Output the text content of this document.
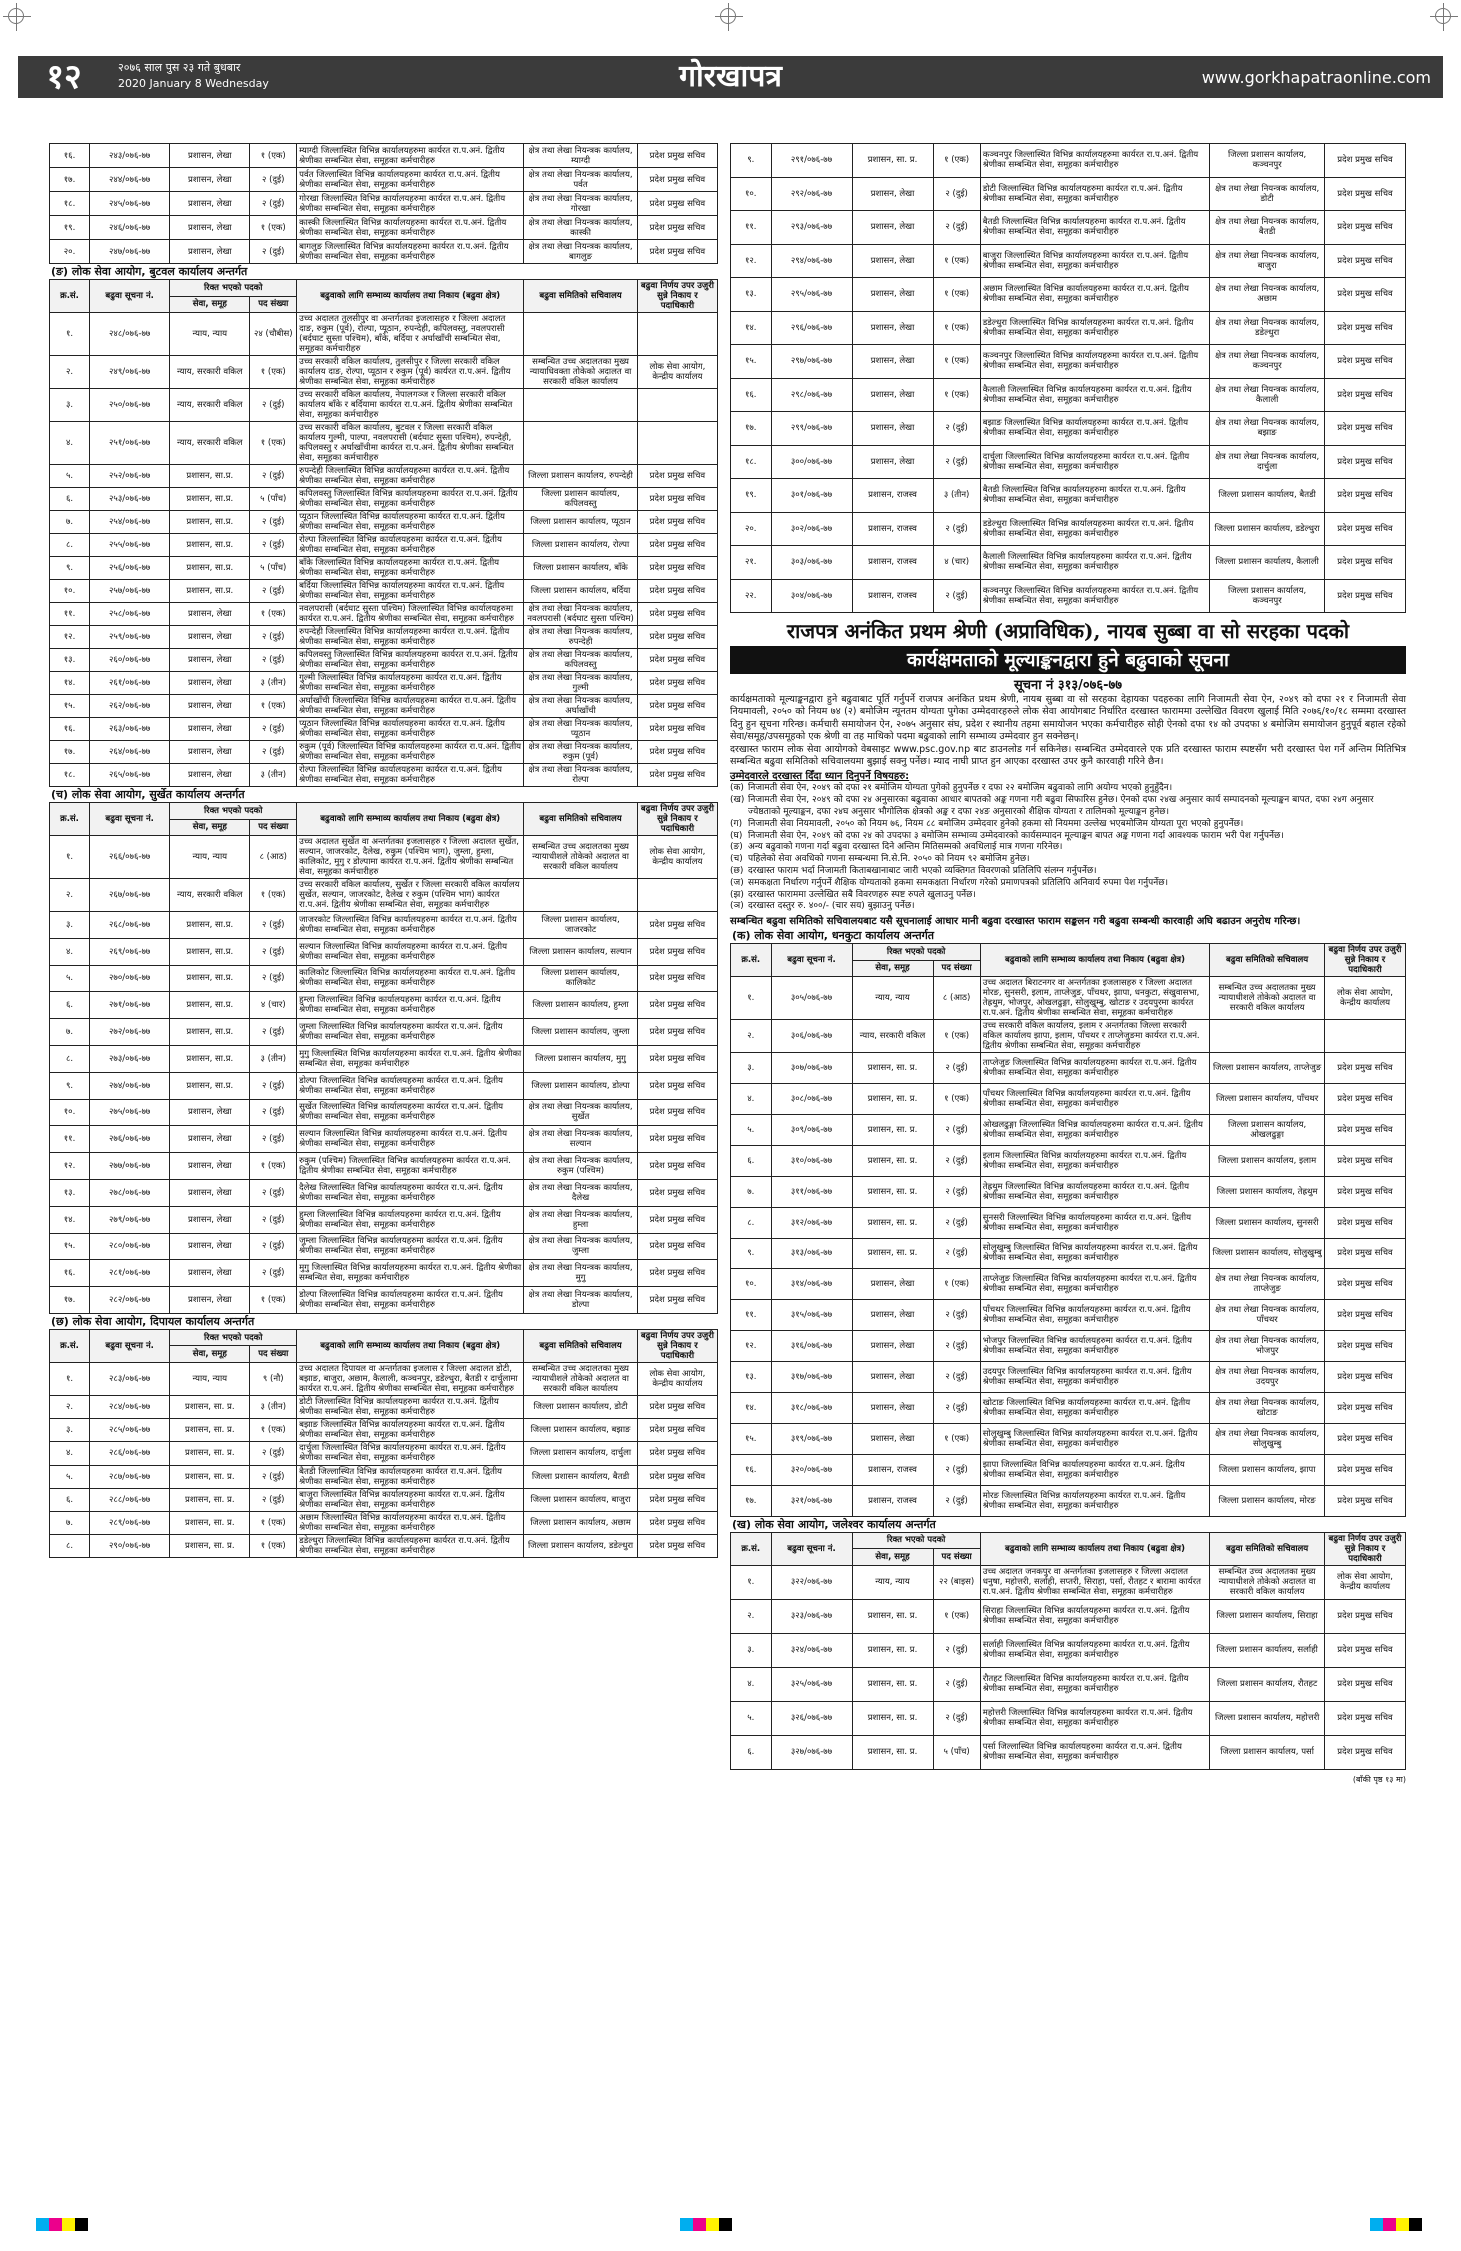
गोरखापत्र
१२	२०७६ साल पुस २३ गते बुधबार
2020 January 8 Wednesday	www.gorkhapatraonline.com
१६.	२४३/०७६-७७	प्रशासन, लेखा	१ (एक)	म्याग्दी जिल्लास्थित विभिन्न कार्यालयहरुमा कार्यरत रा.प.अनं. द्वितीय श्रेणीका सम्बन्धित सेवा, समूहका कर्मचारीहरु	क्षेत्र तथा लेखा नियन्त्रक कार्यालय, म्याग्दी	प्रदेश प्रमुख सचिव
१७.	२४४/०७६-७७	प्रशासन, लेखा	२ (दुई)	पर्वत जिल्लास्थित विभिन्न कार्यालयहरुमा कार्यरत रा.प.अनं. द्वितीय श्रेणीका सम्बन्धित सेवा, समूहका कर्मचारीहरु	क्षेत्र तथा लेखा नियन्त्रक कार्यालय, पर्वत	प्रदेश प्रमुख सचिव
१८.	२४५/०७६-७७	प्रशासन, लेखा	२ (दुई)	गोरखा जिल्लास्थित विभिन्न कार्यालयहरुमा कार्यरत रा.प.अनं. द्वितीय श्रेणीका सम्बन्धित सेवा, समूहका कर्मचारीहरु	क्षेत्र तथा लेखा नियन्त्रक कार्यालय, गोरखा	प्रदेश प्रमुख सचिव
१९.	२४६/०७६-७७	प्रशासन, लेखा	१ (एक)	कास्की जिल्लास्थित विभिन्न कार्यालयहरुमा कार्यरत रा.प.अनं. द्वितीय श्रेणीका सम्बन्धित सेवा, समूहका कर्मचारीहरु	क्षेत्र तथा लेखा नियन्त्रक कार्यालय, कास्की	प्रदेश प्रमुख सचिव
२०.	२४७/०७६-७७	प्रशासन, लेखा	२ (दुई)	बागलुङ जिल्लास्थित विभिन्न कार्यालयहरुमा कार्यरत रा.प.अनं. द्वितीय श्रेणीका सम्बन्धित सेवा, समूहका कर्मचारीहरु	क्षेत्र तथा लेखा नियन्त्रक कार्यालय, बागलुङ	प्रदेश प्रमुख सचिव
(ङ) लोक सेवा आयोग, बुटवल कार्यालय अन्तर्गत
क्र.सं.	बढुवा सूचना नं.	रिक्त भएको पदको		बढुवाको लागि सम्भाव्य कार्यालय तथा निकाय (बढुवा क्षेत्र)	बढुवा समितिको सचिवालय	बढुवा निर्णय उपर उजुरी सुन्ने निकाय र पदाधिकारी
		सेवा, समूह	पद संख्या			
१.	२४८/०७६-७७	न्याय, न्याय	२४ (चौबीस)	उच्च अदालत तुलसीपुर वा अन्तर्गतका इजलासहरु र जिल्ला अदालत दाङ, रुकुम (पूर्व), रोल्पा, प्यूठान, रुपन्देही, कपिलवस्तु, नवलपरासी (बर्दघाट सुस्ता पश्चिम), बाँके, बर्दिया र अर्घाखाँची सम्बन्धित सेवा, समूहका कर्मचारीहरु		
२.	२४९/०७६-७७	न्याय, सरकारी वकिल	१ (एक)	उच्च सरकारी वकिल कार्यालय, तुलसीपुर र जिल्ला सरकारी वकिल कार्यालय दाङ, रोल्पा, प्यूठान र रुकुम (पूर्व) कार्यरत रा.प.अनं. द्वितीय श्रेणीका सम्बन्धित सेवा, समूहका कर्मचारीहरु	सम्बन्धित उच्च अदालतका मुख्य न्यायाधिवक्ता तोकेको अदालत वा सरकारी वकिल कार्यालय	लोक सेवा आयोग, केन्द्रीय कार्यालय
३.	२५०/०७६-७७	न्याय, सरकारी वकिल	२ (दुई)	उच्च सरकारी वकिल कार्यालय, नेपालगञ्ज र जिल्ला सरकारी वकिल कार्यालय बाँके र बर्दियामा कार्यरत रा.प.अनं. द्वितीय श्रेणीका सम्बन्धित सेवा, समूहका कर्मचारीहरु		
४.	२५१/०७६-७७	न्याय, सरकारी वकिल	१ (एक)	उच्च सरकारी वकिल कार्यालय, बुटवल र जिल्ला सरकारी वकिल कार्यालय गुल्मी, पाल्पा, नवलपरासी (बर्दघाट सुस्ता पश्चिम), रुपन्देही, कपिलवस्तु र अर्घाखाँचीमा कार्यरत रा.प.अनं. द्वितीय श्रेणीका सम्बन्धित सेवा, समूहका कर्मचारीहरु		
५.	२५२/०७६-७७	प्रशासन, सा.प्र.	२ (दुई)	रुपन्देही जिल्लास्थित विभिन्न कार्यालयहरुमा कार्यरत रा.प.अनं. द्वितीय श्रेणीका सम्बन्धित सेवा, समूहका कर्मचारीहरु	जिल्ला प्रशासन कार्यालय, रुपन्देही	प्रदेश प्रमुख सचिव
६.	२५३/०७६-७७	प्रशासन, सा.प्र.	५ (पाँच)	कपिलवस्तु जिल्लास्थित विभिन्न कार्यालयहरुमा कार्यरत रा.प.अनं. द्वितीय श्रेणीका सम्बन्धित सेवा, समूहका कर्मचारीहरु	जिल्ला प्रशासन कार्यालय, कपिलवस्तु	प्रदेश प्रमुख सचिव
७.	२५४/०७६-७७	प्रशासन, सा.प्र.	२ (दुई)	प्यूठान जिल्लास्थित विभिन्न कार्यालयहरुमा कार्यरत रा.प.अनं. द्वितीय श्रेणीका सम्बन्धित सेवा, समूहका कर्मचारीहरु	जिल्ला प्रशासन कार्यालय, प्यूठान	प्रदेश प्रमुख सचिव
८.	२५५/०७६-७७	प्रशासन, सा.प्र.	२ (दुई)	रोल्पा जिल्लास्थित विभिन्न कार्यालयहरुमा कार्यरत रा.प.अनं. द्वितीय श्रेणीका सम्बन्धित सेवा, समूहका कर्मचारीहरु	जिल्ला प्रशासन कार्यालय, रोल्पा	प्रदेश प्रमुख सचिव
९.	२५६/०७६-७७	प्रशासन, सा.प्र.	५ (पाँच)	बाँके जिल्लास्थित विभिन्न कार्यालयहरुमा कार्यरत रा.प.अनं. द्वितीय श्रेणीका सम्बन्धित सेवा, समूहका कर्मचारीहरु	जिल्ला प्रशासन कार्यालय, बाँके	प्रदेश प्रमुख सचिव
१०.	२५७/०७६-७७	प्रशासन, सा.प्र.	२ (दुई)	बर्दिया जिल्लास्थित विभिन्न कार्यालयहरुमा कार्यरत रा.प.अनं. द्वितीय श्रेणीका सम्बन्धित सेवा, समूहका कर्मचारीहरु	जिल्ला प्रशासन कार्यालय, बर्दिया	प्रदेश प्रमुख सचिव
११.	२५८/०७६-७७	प्रशासन, लेखा	१ (एक)	नवलपरासी (बर्दघाट सुस्ता पश्चिम) जिल्लास्थित विभिन्न कार्यालयहरुमा कार्यरत रा.प.अनं. द्वितीय श्रेणीका सम्बन्धित सेवा, समूहका कर्मचारीहरु	क्षेत्र तथा लेखा नियन्त्रक कार्यालय, नवलपरासी (बर्दघाट सुस्ता पश्चिम)	प्रदेश प्रमुख सचिव
१२.	२५९/०७६-७७	प्रशासन, लेखा	२ (दुई)	रुपन्देही जिल्लास्थित विभिन्न कार्यालयहरुमा कार्यरत रा.प.अनं. द्वितीय श्रेणीका सम्बन्धित सेवा, समूहका कर्मचारीहरु	क्षेत्र तथा लेखा नियन्त्रक कार्यालय, रुपन्देही	प्रदेश प्रमुख सचिव
१३.	२६०/०७६-७७	प्रशासन, लेखा	२ (दुई)	कपिलवस्तु जिल्लास्थित विभिन्न कार्यालयहरुमा कार्यरत रा.प.अनं. द्वितीय श्रेणीका सम्बन्धित सेवा, समूहका कर्मचारीहरु	क्षेत्र तथा लेखा नियन्त्रक कार्यालय, कपिलवस्तु	प्रदेश प्रमुख सचिव
१४.	२६१/०७६-७७	प्रशासन, लेखा	३ (तीन)	गुल्मी जिल्लास्थित विभिन्न कार्यालयहरुमा कार्यरत रा.प.अनं. द्वितीय श्रेणीका सम्बन्धित सेवा, समूहका कर्मचारीहरु	क्षेत्र तथा लेखा नियन्त्रक कार्यालय, गुल्मी	प्रदेश प्रमुख सचिव
१५.	२६२/०७६-७७	प्रशासन, लेखा	१ (एक)	अर्घाखाँची जिल्लास्थित विभिन्न कार्यालयहरुमा कार्यरत रा.प.अनं. द्वितीय श्रेणीका सम्बन्धित सेवा, समूहका कर्मचारीहरु	क्षेत्र तथा लेखा नियन्त्रक कार्यालय, अर्घाखाँची	प्रदेश प्रमुख सचिव
१६.	२६३/०७६-७७	प्रशासन, लेखा	२ (दुई)	प्यूठान जिल्लास्थित विभिन्न कार्यालयहरुमा कार्यरत रा.प.अनं. द्वितीय श्रेणीका सम्बन्धित सेवा, समूहका कर्मचारीहरु	क्षेत्र तथा लेखा नियन्त्रक कार्यालय, प्यूठान	प्रदेश प्रमुख सचिव
१७.	२६४/०७६-७७	प्रशासन, लेखा	२ (दुई)	रुकुम (पूर्व) जिल्लास्थित विभिन्न कार्यालयहरुमा कार्यरत रा.प.अनं. द्वितीय श्रेणीका सम्बन्धित सेवा, समूहका कर्मचारीहरु	क्षेत्र तथा लेखा नियन्त्रक कार्यालय, रुकुम (पूर्व)	प्रदेश प्रमुख सचिव
१८.	२६५/०७६-७७	प्रशासन, लेखा	३ (तीन)	रोल्पा जिल्लास्थित विभिन्न कार्यालयहरुमा कार्यरत रा.प.अनं. द्वितीय श्रेणीका सम्बन्धित सेवा, समूहका कर्मचारीहरु	क्षेत्र तथा लेखा नियन्त्रक कार्यालय, रोल्पा	प्रदेश प्रमुख सचिव
(च) लोक सेवा आयोग, सुर्खेत कार्यालय अन्तर्गत
क्र.सं.	बढुवा सूचना नं.	रिक्त भएको पदको		बढुवाको लागि सम्भाव्य कार्यालय तथा निकाय (बढुवा क्षेत्र)	बढुवा समितिको सचिवालय	बढुवा निर्णय उपर उजुरी सुन्ने निकाय र पदाधिकारी
		सेवा, समूह	पद संख्या			
१.	२६६/०७६-७७	न्याय, न्याय	८ (आठ)	उच्च अदालत सुर्खेत वा अन्तर्गतका इजलासहरु र जिल्ला अदालत सुर्खेत, सल्यान, जाजरकोट, दैलेख, रुकुम (पश्चिम भाग), जुम्ला, हुम्ला, कालिकोट, मुगु र डोल्पामा कार्यरत रा.प.अनं. द्वितीय श्रेणीका सम्बन्धित सेवा, समूहका कर्मचारीहरु	सम्बन्धित उच्च अदालतका मुख्य न्यायाधीशले तोकेको अदालत वा सरकारी वकिल कार्यालय	लोक सेवा आयोग, केन्द्रीय कार्यालय
२.	२६७/०७६-७७	न्याय, सरकारी वकिल	१ (एक)	उच्च सरकारी वकिल कार्यालय, सुर्खेत र जिल्ला सरकारी वकिल कार्यालय सुर्खेत, सल्यान, जाजरकोट, दैलेख र रुकुम (पश्चिम भाग) कार्यरत रा.प.अनं. द्वितीय श्रेणीका सम्बन्धित सेवा, समूहका कर्मचारीहरु		
३.	२६८/०७६-७७	प्रशासन, सा.प्र.	२ (दुई)	जाजरकोट जिल्लास्थित विभिन्न कार्यालयहरुमा कार्यरत रा.प.अनं. द्वितीय श्रेणीका सम्बन्धित सेवा, समूहका कर्मचारीहरु	जिल्ला प्रशासन कार्यालय, जाजरकोट	प्रदेश प्रमुख सचिव
४.	२६९/०७६-७७	प्रशासन, सा.प्र.	२ (दुई)	सल्यान जिल्लास्थित विभिन्न कार्यालयहरुमा कार्यरत रा.प.अनं. द्वितीय श्रेणीका सम्बन्धित सेवा, समूहका कर्मचारीहरु	जिल्ला प्रशासन कार्यालय, सल्यान	प्रदेश प्रमुख सचिव
५.	२७०/०७६-७७	प्रशासन, सा.प्र.	२ (दुई)	कालिकोट जिल्लास्थित विभिन्न कार्यालयहरुमा कार्यरत रा.प.अनं. द्वितीय श्रेणीका सम्बन्धित सेवा, समूहका कर्मचारीहरु	जिल्ला प्रशासन कार्यालय, कालिकोट	प्रदेश प्रमुख सचिव
६.	२७१/०७६-७७	प्रशासन, सा.प्र.	४ (चार)	हुम्ला जिल्लास्थित विभिन्न कार्यालयहरुमा कार्यरत रा.प.अनं. द्वितीय श्रेणीका सम्बन्धित सेवा, समूहका कर्मचारीहरु	जिल्ला प्रशासन कार्यालय, हुम्ला	प्रदेश प्रमुख सचिव
७.	२७२/०७६-७७	प्रशासन, सा.प्र.	२ (दुई)	जुम्ला जिल्लास्थित विभिन्न कार्यालयहरुमा कार्यरत रा.प.अनं. द्वितीय श्रेणीका सम्बन्धित सेवा, समूहका कर्मचारीहरु	जिल्ला प्रशासन कार्यालय, जुम्ला	प्रदेश प्रमुख सचिव
८.	२७३/०७६-७७	प्रशासन, सा.प्र.	३ (तीन)	मुगु जिल्लास्थित विभिन्न कार्यालयहरुमा कार्यरत रा.प.अनं. द्वितीय श्रेणीका सम्बन्धित सेवा, समूहका कर्मचारीहरु	जिल्ला प्रशासन कार्यालय, मुगु	प्रदेश प्रमुख सचिव
९.	२७४/०७६-७७	प्रशासन, सा.प्र.	२ (दुई)	डोल्पा जिल्लास्थित विभिन्न कार्यालयहरुमा कार्यरत रा.प.अनं. द्वितीय श्रेणीका सम्बन्धित सेवा, समूहका कर्मचारीहरु	जिल्ला प्रशासन कार्यालय, डोल्पा	प्रदेश प्रमुख सचिव
१०.	२७५/०७६-७७	प्रशासन, लेखा	२ (दुई)	सुर्खेत जिल्लास्थित विभिन्न कार्यालयहरुमा कार्यरत रा.प.अनं. द्वितीय श्रेणीका सम्बन्धित सेवा, समूहका कर्मचारीहरु	क्षेत्र तथा लेखा नियन्त्रक कार्यालय, सुर्खेत	प्रदेश प्रमुख सचिव
११.	२७६/०७६-७७	प्रशासन, लेखा	२ (दुई)	सल्यान जिल्लास्थित विभिन्न कार्यालयहरुमा कार्यरत रा.प.अनं. द्वितीय श्रेणीका सम्बन्धित सेवा, समूहका कर्मचारीहरु	क्षेत्र तथा लेखा नियन्त्रक कार्यालय, सल्यान	प्रदेश प्रमुख सचिव
१२.	२७७/०७६-७७	प्रशासन, लेखा	१ (एक)	रुकुम (पश्चिम) जिल्लास्थित विभिन्न कार्यालयहरुमा कार्यरत रा.प.अनं. द्वितीय श्रेणीका सम्बन्धित सेवा, समूहका कर्मचारीहरु	क्षेत्र तथा लेखा नियन्त्रक कार्यालय, रुकुम (पश्चिम)	प्रदेश प्रमुख सचिव
१३.	२७८/०७६-७७	प्रशासन, लेखा	२ (दुई)	दैलेख जिल्लास्थित विभिन्न कार्यालयहरुमा कार्यरत रा.प.अनं. द्वितीय श्रेणीका सम्बन्धित सेवा, समूहका कर्मचारीहरु	क्षेत्र तथा लेखा नियन्त्रक कार्यालय, दैलेख	प्रदेश प्रमुख सचिव
१४.	२७९/०७६-७७	प्रशासन, लेखा	२ (दुई)	हुम्ला जिल्लास्थित विभिन्न कार्यालयहरुमा कार्यरत रा.प.अनं. द्वितीय श्रेणीका सम्बन्धित सेवा, समूहका कर्मचारीहरु	क्षेत्र तथा लेखा नियन्त्रक कार्यालय, हुम्ला	प्रदेश प्रमुख सचिव
१५.	२८०/०७६-७७	प्रशासन, लेखा	२ (दुई)	जुम्ला जिल्लास्थित विभिन्न कार्यालयहरुमा कार्यरत रा.प.अनं. द्वितीय श्रेणीका सम्बन्धित सेवा, समूहका कर्मचारीहरु	क्षेत्र तथा लेखा नियन्त्रक कार्यालय, जुम्ला	प्रदेश प्रमुख सचिव
१६.	२८१/०७६-७७	प्रशासन, लेखा	२ (दुई)	मुगु जिल्लास्थित विभिन्न कार्यालयहरुमा कार्यरत रा.प.अनं. द्वितीय श्रेणीका सम्बन्धित सेवा, समूहका कर्मचारीहरु	क्षेत्र तथा लेखा नियन्त्रक कार्यालय, मुगु	प्रदेश प्रमुख सचिव
१७.	२८२/०७६-७७	प्रशासन, लेखा	१ (एक)	डोल्पा जिल्लास्थित विभिन्न कार्यालयहरुमा कार्यरत रा.प.अनं. द्वितीय श्रेणीका सम्बन्धित सेवा, समूहका कर्मचारीहरु	क्षेत्र तथा लेखा नियन्त्रक कार्यालय, डोल्पा	प्रदेश प्रमुख सचिव
(छ) लोक सेवा आयोग, दिपायल कार्यालय अन्तर्गत
क्र.सं.	बढुवा सूचना नं.	रिक्त भएको पदको		बढुवाको लागि सम्भाव्य कार्यालय तथा निकाय (बढुवा क्षेत्र)	बढुवा समितिको सचिवालय	बढुवा निर्णय उपर उजुरी सुन्ने निकाय र पदाधिकारी
		सेवा, समूह	पद संख्या			
१.	२८३/०७६-७७	न्याय, न्याय	९ (नौ)	उच्च अदालत दिपायल वा अन्तर्गतका इजलास र जिल्ला अदालत डोटी, बझाङ, बाजुरा, अछाम, कैलाली, कञ्चनपुर, डडेल्धुरा, बैतडी र दार्चुलामा कार्यरत रा.प.अनं. द्वितीय श्रेणीका सम्बन्धित सेवा, समूहका कर्मचारीहरु	सम्बन्धित उच्च अदालतका मुख्य न्यायाधीशले तोकेको अदालत वा सरकारी वकिल कार्यालय	लोक सेवा आयोग, केन्द्रीय कार्यालय
२.	२८४/०७६-७७	प्रशासन, सा. प्र.	३ (तीन)	डोटी जिल्लास्थित विभिन्न कार्यालयहरुमा कार्यरत रा.प.अनं. द्वितीय श्रेणीका सम्बन्धित सेवा, समूहका कर्मचारीहरु	जिल्ला प्रशासन कार्यालय, डोटी	प्रदेश प्रमुख सचिव
३.	२८५/०७६-७७	प्रशासन, सा. प्र.	१ (एक)	बझाङ जिल्लास्थित विभिन्न कार्यालयहरुमा कार्यरत रा.प.अनं. द्वितीय श्रेणीका सम्बन्धित सेवा, समूहका कर्मचारीहरु	जिल्ला प्रशासन कार्यालय, बझाङ	प्रदेश प्रमुख सचिव
४.	२८६/०७६-७७	प्रशासन, सा. प्र.	२ (दुई)	दार्चुला जिल्लास्थित विभिन्न कार्यालयहरुमा कार्यरत रा.प.अनं. द्वितीय श्रेणीका सम्बन्धित सेवा, समूहका कर्मचारीहरु	जिल्ला प्रशासन कार्यालय, दार्चुला	प्रदेश प्रमुख सचिव
५.	२८७/०७६-७७	प्रशासन, सा. प्र.	२ (दुई)	बैतडी जिल्लास्थित विभिन्न कार्यालयहरुमा कार्यरत रा.प.अनं. द्वितीय श्रेणीका सम्बन्धित सेवा, समूहका कर्मचारीहरु	जिल्ला प्रशासन कार्यालय, बैतडी	प्रदेश प्रमुख सचिव
६.	२८८/०७६-७७	प्रशासन, सा. प्र.	२ (दुई)	बाजुरा जिल्लास्थित विभिन्न कार्यालयहरुमा कार्यरत रा.प.अनं. द्वितीय श्रेणीका सम्बन्धित सेवा, समूहका कर्मचारीहरु	जिल्ला प्रशासन कार्यालय, बाजुरा	प्रदेश प्रमुख सचिव
७.	२८९/०७६-७७	प्रशासन, सा. प्र.	१ (एक)	अछाम जिल्लास्थित विभिन्न कार्यालयहरुमा कार्यरत रा.प.अनं. द्वितीय श्रेणीका सम्बन्धित सेवा, समूहका कर्मचारीहरु	जिल्ला प्रशासन कार्यालय, अछाम	प्रदेश प्रमुख सचिव
८.	२९०/०७६-७७	प्रशासन, सा. प्र.	१ (एक)	डडेल्धुरा जिल्लास्थित विभिन्न कार्यालयहरुमा कार्यरत रा.प.अनं. द्वितीय श्रेणीका सम्बन्धित सेवा, समूहका कर्मचारीहरु	जिल्ला प्रशासन कार्यालय, डडेल्धुरा	प्रदेश प्रमुख सचिव
९.	२९१/०७६-७७	प्रशासन, सा. प्र.	१ (एक)	कञ्चनपुर जिल्लास्थित विभिन्न कार्यालयहरुमा कार्यरत रा.प.अनं. द्वितीय श्रेणीका सम्बन्धित सेवा, समूहका कर्मचारीहरु	जिल्ला प्रशासन कार्यालय, कञ्चनपुर	प्रदेश प्रमुख सचिव
१०.	२९२/०७६-७७	प्रशासन, लेखा	२ (दुई)	डोटी जिल्लास्थित विभिन्न कार्यालयहरुमा कार्यरत रा.प.अनं. द्वितीय श्रेणीका सम्बन्धित सेवा, समूहका कर्मचारीहरु	क्षेत्र तथा लेखा नियन्त्रक कार्यालय, डोटी	प्रदेश प्रमुख सचिव
११.	२९३/०७६-७७	प्रशासन, लेखा	२ (दुई)	बैतडी जिल्लास्थित विभिन्न कार्यालयहरुमा कार्यरत रा.प.अनं. द्वितीय श्रेणीका सम्बन्धित सेवा, समूहका कर्मचारीहरु	क्षेत्र तथा लेखा नियन्त्रक कार्यालय, बैतडी	प्रदेश प्रमुख सचिव
१२.	२९४/०७६-७७	प्रशासन, लेखा	१ (एक)	बाजुरा जिल्लास्थित विभिन्न कार्यालयहरुमा कार्यरत रा.प.अनं. द्वितीय श्रेणीका सम्बन्धित सेवा, समूहका कर्मचारीहरु	क्षेत्र तथा लेखा नियन्त्रक कार्यालय, बाजुरा	प्रदेश प्रमुख सचिव
१३.	२९५/०७६-७७	प्रशासन, लेखा	१ (एक)	अछाम जिल्लास्थित विभिन्न कार्यालयहरुमा कार्यरत रा.प.अनं. द्वितीय श्रेणीका सम्बन्धित सेवा, समूहका कर्मचारीहरु	क्षेत्र तथा लेखा नियन्त्रक कार्यालय, अछाम	प्रदेश प्रमुख सचिव
१४.	२९६/०७६-७७	प्रशासन, लेखा	१ (एक)	डडेल्धुरा जिल्लास्थित विभिन्न कार्यालयहरुमा कार्यरत रा.प.अनं. द्वितीय श्रेणीका सम्बन्धित सेवा, समूहका कर्मचारीहरु	क्षेत्र तथा लेखा नियन्त्रक कार्यालय, डडेल्धुरा	प्रदेश प्रमुख सचिव
१५.	२९७/०७६-७७	प्रशासन, लेखा	१ (एक)	कञ्चनपुर जिल्लास्थित विभिन्न कार्यालयहरुमा कार्यरत रा.प.अनं. द्वितीय श्रेणीका सम्बन्धित सेवा, समूहका कर्मचारीहरु	क्षेत्र तथा लेखा नियन्त्रक कार्यालय, कञ्चनपुर	प्रदेश प्रमुख सचिव
१६.	२९८/०७६-७७	प्रशासन, लेखा	१ (एक)	कैलाली जिल्लास्थित विभिन्न कार्यालयहरुमा कार्यरत रा.प.अनं. द्वितीय श्रेणीका सम्बन्धित सेवा, समूहका कर्मचारीहरु	क्षेत्र तथा लेखा नियन्त्रक कार्यालय, कैलाली	प्रदेश प्रमुख सचिव
१७.	२९९/०७६-७७	प्रशासन, लेखा	२ (दुई)	बझाङ जिल्लास्थित विभिन्न कार्यालयहरुमा कार्यरत रा.प.अनं. द्वितीय श्रेणीका सम्बन्धित सेवा, समूहका कर्मचारीहरु	क्षेत्र तथा लेखा नियन्त्रक कार्यालय, बझाङ	प्रदेश प्रमुख सचिव
१८.	३००/०७६-७७	प्रशासन, लेखा	२ (दुई)	दार्चुला जिल्लास्थित विभिन्न कार्यालयहरुमा कार्यरत रा.प.अनं. द्वितीय श्रेणीका सम्बन्धित सेवा, समूहका कर्मचारीहरु	क्षेत्र तथा लेखा नियन्त्रक कार्यालय, दार्चुला	प्रदेश प्रमुख सचिव
१९.	३०१/०७६-७७	प्रशासन, राजस्व	३ (तीन)	बैतडी जिल्लास्थित विभिन्न कार्यालयहरुमा कार्यरत रा.प.अनं. द्वितीय श्रेणीका सम्बन्धित सेवा, समूहका कर्मचारीहरु	जिल्ला प्रशासन कार्यालय, बैतडी	प्रदेश प्रमुख सचिव
२०.	३०२/०७६-७७	प्रशासन, राजस्व	२ (दुई)	डडेल्धुरा जिल्लास्थित विभिन्न कार्यालयहरुमा कार्यरत रा.प.अनं. द्वितीय श्रेणीका सम्बन्धित सेवा, समूहका कर्मचारीहरु	जिल्ला प्रशासन कार्यालय, डडेल्धुरा	प्रदेश प्रमुख सचिव
२१.	३०३/०७६-७७	प्रशासन, राजस्व	४ (चार)	कैलाली जिल्लास्थित विभिन्न कार्यालयहरुमा कार्यरत रा.प.अनं. द्वितीय श्रेणीका सम्बन्धित सेवा, समूहका कर्मचारीहरु	जिल्ला प्रशासन कार्यालय, कैलाली	प्रदेश प्रमुख सचिव
२२.	३०४/०७६-७७	प्रशासन, राजस्व	२ (दुई)	कञ्चनपुर जिल्लास्थित विभिन्न कार्यालयहरुमा कार्यरत रा.प.अनं. द्वितीय श्रेणीका सम्बन्धित सेवा, समूहका कर्मचारीहरु	जिल्ला प्रशासन कार्यालय, कञ्चनपुर	प्रदेश प्रमुख सचिव
राजपत्र अनंकित प्रथम श्रेणी (अप्राविधिक), नायब सुब्बा वा सो सरहका पदको
कार्यक्षमताको मूल्याङ्कनद्वारा हुने बढुवाको सूचना
सूचना नं ३१३/०७६-७७

कार्यक्षमताको मूल्याङ्कनद्वारा हुने बढुवाबाट पूर्ति गर्नुपर्ने राजपत्र अनंकित प्रथम श्रेणी, नायब सुब्बा वा सो सरहका देहायका पदहरुका लागि निजामती सेवा ऐन, २०४९ को दफा २१ र निजामती सेवा नियमावली, २०५० को नियम ७४ (२) बमोजिम न्यूनतम योग्यता पुगेका उम्मेदवारहरुले लोक सेवा आयोगबाट निर्धारित दरखास्त फाराममा उल्लेखित विवरण खुलाई मिति २०७६/१०/१८ सम्ममा दरखास्त दिनु हुन सूचना गरिन्छ। कर्मचारी समायोजन ऐन, २०७५ अनुसार संघ, प्रदेश र स्थानीय तहमा समायोजन भएका कर्मचारीहरु सोही ऐनको दफा १४ को उपदफा ४ बमोजिम समायोजन हुनुपूर्व बहाल रहेको सेवा/समूह/उपसमूहको एक श्रेणी वा तह माथिको पदमा बढुवाको लागि सम्भाव्य उम्मेदवार हुन सक्नेछन्।

दरखास्त फाराम लोक सेवा आयोगको वेबसाइट www.psc.gov.np बाट डाउनलोड गर्न सकिनेछ। सम्बन्धित उम्मेदवारले एक प्रति दरखास्त फाराम स्पष्टसँग भरी दरखास्त पेश गर्ने अन्तिम मितिभित्र सम्बन्धित बढुवा समितिको सचिवालयमा बुझाई सक्नु पर्नेछ। म्याद नाघी प्राप्त हुन आएका दरखास्त उपर कुनै कारवाही गरिने छैन।

उम्मेदवारले दरखास्त दिँदा ध्यान दिनुपर्ने विषयहरु:
(क) निजामती सेवा ऐन, २०४९ को दफा २१ बमोजिम योग्यता पुगेको हुनुपर्नेछ र दफा २२ बमोजिम बढुवाको लागि अयोग्य भएको हुनुहुँदैन।
(ख) निजामती सेवा ऐन, २०४९ को दफा २४ अनुसारका बढुवाका आधार बापतको अङ्क गणना गरी बढुवा सिफारिस हुनेछ। ऐनको दफा २४ख अनुसार कार्य सम्पादनको मूल्याङ्कन बापत, दफा २४ग अनुसार ज्येष्ठताको मूल्याङ्कन, दफा २४घ अनुसार भौगोलिक क्षेत्रको अङ्क र दफा २४ङ अनुसारको शैक्षिक योग्यता र तालिमको मूल्याङ्कन हुनेछ।
(ग) निजामती सेवा नियमावली, २०५० को नियम ७६, नियम ८८ बमोजिम उम्मेदवार हुनेको हकमा सो नियममा उल्लेख भएबमोजिम योग्यता पूरा भएको हुनुपर्नेछ।
(घ) निजामती सेवा ऐन, २०४९ को दफा २४ को उपदफा ३ बमोजिम सम्भाव्य उम्मेदवारको कार्यसम्पादन मूल्याङ्कन बापत अङ्क गणना गर्दा आवश्यक फाराम भरी पेश गर्नुपर्नेछ।
(ङ) अन्य बढुवाको गणना गर्दा बढुवा दरखास्त दिने अन्तिम मितिसम्मको अवधिलाई मात्र गणना गरिनेछ।
(च) पहिलेको सेवा अवधिको गणना सम्बन्धमा नि.से.नि. २०५० को नियम ९२ बमोजिम हुनेछ।
(छ) दरखास्त फाराम भर्दा निजामती किताबखानाबाट जारी भएको व्यक्तिगत विवरणको प्रतिलिपि संलग्न गर्नुपर्नेछ।
(ज) समकक्षता निर्धारण गर्नुपर्ने शैक्षिक योग्यताको हकमा समकक्षता निर्धारण गरेको प्रमाणपत्रको प्रतिलिपि अनिवार्य रुपमा पेश गर्नुपर्नेछ।
(झ) दरखास्त फाराममा उल्लेखित सबै विवरणहरु स्पष्ट रुपले खुलाउनु पर्नेछ।
(ञ) दरखास्त दस्तुर रु. ४००/- (चार सय) बुझाउनु पर्नेछ।
सम्बन्धित बढुवा समितिको सचिवालयबाट यसै सूचनालाई आधार मानी बढुवा दरखास्त फाराम सङ्कलन गरी बढुवा सम्बन्धी कारवाही अघि बढाउन अनुरोध गरिन्छ।
(क) लोक सेवा आयोग, धनकुटा कार्यालय अन्तर्गत
क्र.सं.	बढुवा सूचना नं.	रिक्त भएको पदको		बढुवाको लागि सम्भाव्य कार्यालय तथा निकाय (बढुवा क्षेत्र)	बढुवा समितिको सचिवालय	बढुवा निर्णय उपर उजुरी सुन्ने निकाय र पदाधिकारी
		सेवा, समूह	पद संख्या			
१.	३०५/०७६-७७	न्याय, न्याय	८ (आठ)	उच्च अदालत बिराटनगर वा अन्तर्गतका इजलासहरु र जिल्ला अदालत मोरङ, सुनसरी, इलाम, ताप्लेजुङ, पाँचथर, झापा, धनकुटा, संखुवासभा, तेह्रथुम, भोजपुर, ओखलढुङ्गा, सोलुखुम्बु, खोटाङ र उदयपुरमा कार्यरत रा.प.अनं. द्वितीय श्रेणीका सम्बन्धित सेवा, समूहका कर्मचारीहरु	सम्बन्धित उच्च अदालतका मुख्य न्यायाधीशले तोकेको अदालत वा सरकारी वकिल कार्यालय	लोक सेवा आयोग, केन्द्रीय कार्यालय
२.	३०६/०७६-७७	न्याय, सरकारी वकिल	१ (एक)	उच्च सरकारी वकिल कार्यालय, इलाम र अन्तर्गतका जिल्ला सरकारी वकिल कार्यालय झापा, इलाम, पाँचथर र ताप्लेजुङमा कार्यरत रा.प.अनं. द्वितीय श्रेणीका सम्बन्धित सेवा, समूहका कर्मचारीहरु		
३.	३०७/०७६-७७	प्रशासन, सा. प्र.	२ (दुई)	ताप्लेजुङ जिल्लास्थित विभिन्न कार्यालयहरुमा कार्यरत रा.प.अनं. द्वितीय श्रेणीका सम्बन्धित सेवा, समूहका कर्मचारीहरु	जिल्ला प्रशासन कार्यालय, ताप्लेजुङ	प्रदेश प्रमुख सचिव
४.	३०८/०७६-७७	प्रशासन, सा. प्र.	१ (एक)	पाँचथर जिल्लास्थित विभिन्न कार्यालयहरुमा कार्यरत रा.प.अनं. द्वितीय श्रेणीका सम्बन्धित सेवा, समूहका कर्मचारीहरु	जिल्ला प्रशासन कार्यालय, पाँचथर	प्रदेश प्रमुख सचिव
५.	३०९/०७६-७७	प्रशासन, सा. प्र.	२ (दुई)	ओखलढुङ्गा जिल्लास्थित विभिन्न कार्यालयहरुमा कार्यरत रा.प.अनं. द्वितीय श्रेणीका सम्बन्धित सेवा, समूहका कर्मचारीहरु	जिल्ला प्रशासन कार्यालय, ओखलढुङ्गा	प्रदेश प्रमुख सचिव
६.	३१०/०७६-७७	प्रशासन, सा. प्र.	२ (दुई)	इलाम जिल्लास्थित विभिन्न कार्यालयहरुमा कार्यरत रा.प.अनं. द्वितीय श्रेणीका सम्बन्धित सेवा, समूहका कर्मचारीहरु	जिल्ला प्रशासन कार्यालय, इलाम	प्रदेश प्रमुख सचिव
७.	३११/०७६-७७	प्रशासन, सा. प्र.	२ (दुई)	तेह्रथुम जिल्लास्थित विभिन्न कार्यालयहरुमा कार्यरत रा.प.अनं. द्वितीय श्रेणीका सम्बन्धित सेवा, समूहका कर्मचारीहरु	जिल्ला प्रशासन कार्यालय, तेह्रथुम	प्रदेश प्रमुख सचिव
८.	३१२/०७६-७७	प्रशासन, सा. प्र.	२ (दुई)	सुनसरी जिल्लास्थित विभिन्न कार्यालयहरुमा कार्यरत रा.प.अनं. द्वितीय श्रेणीका सम्बन्धित सेवा, समूहका कर्मचारीहरु	जिल्ला प्रशासन कार्यालय, सुनसरी	प्रदेश प्रमुख सचिव
९.	३१३/०७६-७७	प्रशासन, सा. प्र.	२ (दुई)	सोलुखुम्बु जिल्लास्थित विभिन्न कार्यालयहरुमा कार्यरत रा.प.अनं. द्वितीय श्रेणीका सम्बन्धित सेवा, समूहका कर्मचारीहरु	जिल्ला प्रशासन कार्यालय, सोलुखुम्बु	प्रदेश प्रमुख सचिव
१०.	३१४/०७६-७७	प्रशासन, लेखा	१ (एक)	ताप्लेजुङ जिल्लास्थित विभिन्न कार्यालयहरुमा कार्यरत रा.प.अनं. द्वितीय श्रेणीका सम्बन्धित सेवा, समूहका कर्मचारीहरु	क्षेत्र तथा लेखा नियन्त्रक कार्यालय, ताप्लेजुङ	प्रदेश प्रमुख सचिव
११.	३१५/०७६-७७	प्रशासन, लेखा	२ (दुई)	पाँचथर जिल्लास्थित विभिन्न कार्यालयहरुमा कार्यरत रा.प.अनं. द्वितीय श्रेणीका सम्बन्धित सेवा, समूहका कर्मचारीहरु	क्षेत्र तथा लेखा नियन्त्रक कार्यालय, पाँचथर	प्रदेश प्रमुख सचिव
१२.	३१६/०७६-७७	प्रशासन, लेखा	२ (दुई)	भोजपुर जिल्लास्थित विभिन्न कार्यालयहरुमा कार्यरत रा.प.अनं. द्वितीय श्रेणीका सम्बन्धित सेवा, समूहका कर्मचारीहरु	क्षेत्र तथा लेखा नियन्त्रक कार्यालय, भोजपुर	प्रदेश प्रमुख सचिव
१३.	३१७/०७६-७७	प्रशासन, लेखा	२ (दुई)	उदयपुर जिल्लास्थित विभिन्न कार्यालयहरुमा कार्यरत रा.प.अनं. द्वितीय श्रेणीका सम्बन्धित सेवा, समूहका कर्मचारीहरु	क्षेत्र तथा लेखा नियन्त्रक कार्यालय, उदयपुर	प्रदेश प्रमुख सचिव
१४.	३१८/०७६-७७	प्रशासन, लेखा	२ (दुई)	खोटाङ जिल्लास्थित विभिन्न कार्यालयहरुमा कार्यरत रा.प.अनं. द्वितीय श्रेणीका सम्बन्धित सेवा, समूहका कर्मचारीहरु	क्षेत्र तथा लेखा नियन्त्रक कार्यालय, खोटाङ	प्रदेश प्रमुख सचिव
१५.	३१९/०७६-७७	प्रशासन, लेखा	१ (एक)	सोलुखुम्बु जिल्लास्थित विभिन्न कार्यालयहरुमा कार्यरत रा.प.अनं. द्वितीय श्रेणीका सम्बन्धित सेवा, समूहका कर्मचारीहरु	क्षेत्र तथा लेखा नियन्त्रक कार्यालय, सोलुखुम्बु	प्रदेश प्रमुख सचिव
१६.	३२०/०७६-७७	प्रशासन, राजस्व	२ (दुई)	झापा जिल्लास्थित विभिन्न कार्यालयहरुमा कार्यरत रा.प.अनं. द्वितीय श्रेणीका सम्बन्धित सेवा, समूहका कर्मचारीहरु	जिल्ला प्रशासन कार्यालय, झापा	प्रदेश प्रमुख सचिव
१७.	३२१/०७६-७७	प्रशासन, राजस्व	२ (दुई)	मोरङ जिल्लास्थित विभिन्न कार्यालयहरुमा कार्यरत रा.प.अनं. द्वितीय श्रेणीका सम्बन्धित सेवा, समूहका कर्मचारीहरु	जिल्ला प्रशासन कार्यालय, मोरङ	प्रदेश प्रमुख सचिव
(ख) लोक सेवा आयोग, जलेश्वर कार्यालय अन्तर्गत
क्र.सं.	बढुवा सूचना नं.	रिक्त भएको पदको		बढुवाको लागि सम्भाव्य कार्यालय तथा निकाय (बढुवा क्षेत्र)	बढुवा समितिको सचिवालय	बढुवा निर्णय उपर उजुरी सुन्ने निकाय र पदाधिकारी
		सेवा, समूह	पद संख्या			
१.	३२२/०७६-७७	न्याय, न्याय	२२ (बाइस)	उच्च अदालत जनकपुर वा अन्तर्गतका इजलासहरु र जिल्ला अदालत धनुषा, महोत्तरी, सर्लाही, सप्तरी, सिराहा, पर्सा, रौतहट र बारामा कार्यरत रा.प.अनं. द्वितीय श्रेणीका सम्बन्धित सेवा, समूहका कर्मचारीहरु	सम्बन्धित उच्च अदालतका मुख्य न्यायाधीशले तोकेको अदालत वा सरकारी वकिल कार्यालय	लोक सेवा आयोग, केन्द्रीय कार्यालय
२.	३२३/०७६-७७	प्रशासन, सा. प्र.	१ (एक)	सिराहा जिल्लास्थित विभिन्न कार्यालयहरुमा कार्यरत रा.प.अनं. द्वितीय श्रेणीका सम्बन्धित सेवा, समूहका कर्मचारीहरु	जिल्ला प्रशासन कार्यालय, सिराहा	प्रदेश प्रमुख सचिव
३.	३२४/०७६-७७	प्रशासन, सा. प्र.	२ (दुई)	सर्लाही जिल्लास्थित विभिन्न कार्यालयहरुमा कार्यरत रा.प.अनं. द्वितीय श्रेणीका सम्बन्धित सेवा, समूहका कर्मचारीहरु	जिल्ला प्रशासन कार्यालय, सर्लाही	प्रदेश प्रमुख सचिव
४.	३२५/०७६-७७	प्रशासन, सा. प्र.	२ (दुई)	रौतहट जिल्लास्थित विभिन्न कार्यालयहरुमा कार्यरत रा.प.अनं. द्वितीय श्रेणीका सम्बन्धित सेवा, समूहका कर्मचारीहरु	जिल्ला प्रशासन कार्यालय, रौतहट	प्रदेश प्रमुख सचिव
५.	३२६/०७६-७७	प्रशासन, सा. प्र.	२ (दुई)	महोत्तरी जिल्लास्थित विभिन्न कार्यालयहरुमा कार्यरत रा.प.अनं. द्वितीय श्रेणीका सम्बन्धित सेवा, समूहका कर्मचारीहरु	जिल्ला प्रशासन कार्यालय, महोत्तरी	प्रदेश प्रमुख सचिव
६.	३२७/०७६-७७	प्रशासन, सा. प्र.	५ (पाँच)	पर्सा जिल्लास्थित विभिन्न कार्यालयहरुमा कार्यरत रा.प.अनं. द्वितीय श्रेणीका सम्बन्धित सेवा, समूहका कर्मचारीहरु	जिल्ला प्रशासन कार्यालय, पर्सा	प्रदेश प्रमुख सचिव
(बाँकी पृष्ठ १३ मा)
